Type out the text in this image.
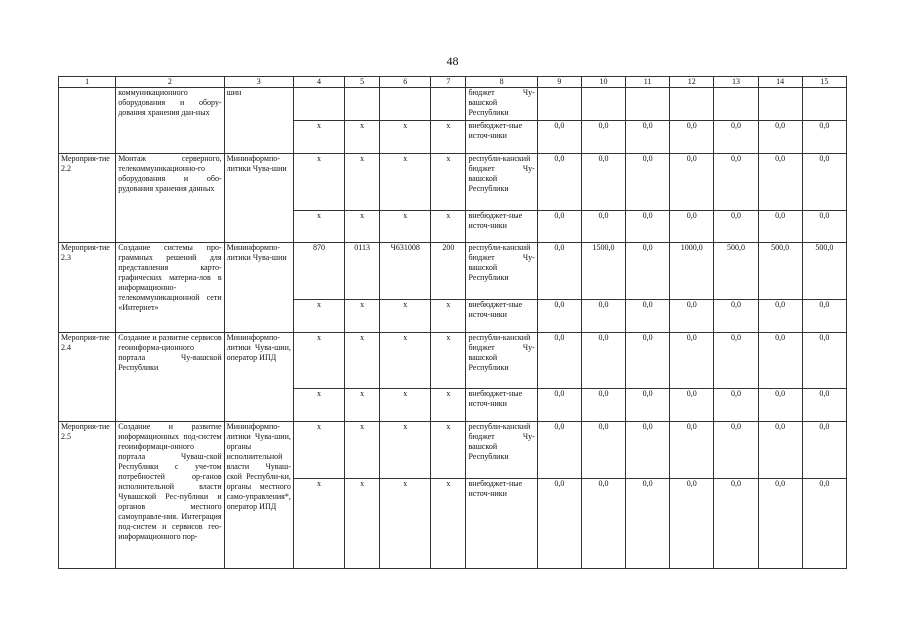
48
1	2	3	4	5	6	7	8	9	10	11	12	13	14	15
	коммуникационного оборудования и обору-дования хранения дан-ных	шин					бюджет Чу-вашской Республики							
			х	х	х	х	внебюджет-ные источ-ники	0,0	0,0	0,0	0,0	0,0	0,0	0,0
Мероприя-тие 2.2	Монтаж серверного, телекоммуникационно-го оборудования и обо-рудования хранения данных	Мининформпо-литики Чува-шии	х	х	х	х	республи-канский бюджет Чу-вашской Республики	0,0	0,0	0,0	0,0	0,0	0,0	0,0
			х	х	х	х	внебюджет-ные источ-ники	0,0	0,0	0,0	0,0	0,0	0,0	0,0
Мероприя-тие 2.3	Создание системы про-граммных решений для представления карто-графических материа-лов в информационно-телекоммуникационной сети «Интернет»	Мининформпо-литики Чува-шии	870	0113	Ч631008	200	республи-канский бюджет Чу-вашской Республики	0,0	1500,0	0,0	1000,0	500,0	500,0	500,0
			х	х	х	х	внебюджет-ные источ-ники	0,0	0,0	0,0	0,0	0,0	0,0	0,0
Мероприя-тие 2.4	Создание и развитие сервисов геоинформа-ционного портала Чу-вашской Республики	Мининформпо-литики Чува-шии, оператор ИПД	х	х	х	х	республи-канский бюджет Чу-вашской Республики	0,0	0,0	0,0	0,0	0,0	0,0	0,0
			х	х	х	х	внебюджет-ные источ-ники	0,0	0,0	0,0	0,0	0,0	0,0	0,0
Мероприя-тие 2.5	Создание и развитие информационных под-систем геоинформаци-онного портала Чуваш-ской Республики с уче-том потребностей ор-ганов исполнительной власти Чувашской Рес-публики и органов местного самоуправле-ния. Интеграция под-систем и сервисов гео-информационного пор-	Мининформпо-литики Чува-шии, органы исполнительной власти Чуваш-ской Республи-ки, органы местного само-управления*, оператор ИПД	х	х	х	х	республи-канский бюджет Чу-вашской Республики	0,0	0,0	0,0	0,0	0,0	0,0	0,0
			х	х	х	х	внебюджет-ные источ-ники	0,0	0,0	0,0	0,0	0,0	0,0	0,0
